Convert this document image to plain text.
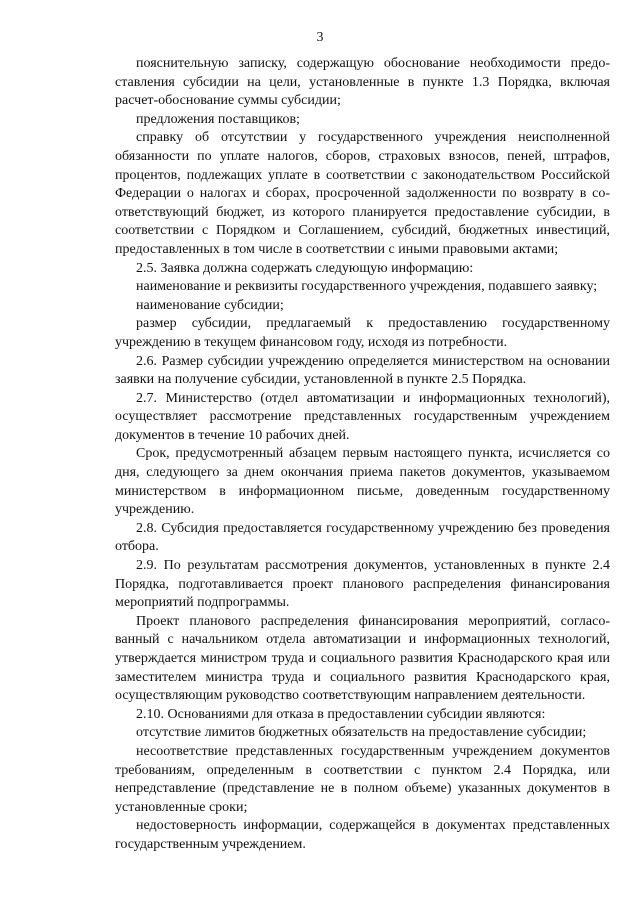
3

пояснительную записку, содержащую обоснование необходимости предоставления субсидии на цели, установленные в пункте 1.3 Порядка, включая расчет-обоснование суммы субсидии;

предложения поставщиков;

справку об отсутствии у государственного учреждения неисполненной обязанности по уплате налогов, сборов, страховых взносов, пеней, штрафов, процентов, подлежащих уплате в соответствии с законодательством Российской Федерации о налогах и сборах, просроченной задолженности по возврату в соответствующий бюджет, из которого планируется предоставление субсидии, в соответствии с Порядком и Соглашением, субсидий, бюджетных инвестиций, предоставленных в том числе в соответствии с иными правовыми актами;

2.5. Заявка должна содержать следующую информацию:

наименование и реквизиты государственного учреждения, подавшего заявку;

наименование субсидии;

размер субсидии, предлагаемый к предоставлению государственному учреждению в текущем финансовом году, исходя из потребности.

2.6. Размер субсидии учреждению определяется министерством на основании заявки на получение субсидии, установленной в пункте 2.5 Порядка.

2.7. Министерство (отдел автоматизации и информационных технологий), осуществляет рассмотрение представленных государственным учреждением документов в течение 10 рабочих дней.

Срок, предусмотренный абзацем первым настоящего пункта, исчисляется со дня, следующего за днем окончания приема пакетов документов, указываемом министерством в информационном письме, доведенным государственному учреждению.

2.8. Субсидия предоставляется государственному учреждению без проведения отбора.

2.9. По результатам рассмотрения документов, установленных в пункте 2.4 Порядка, подготавливается проект планового распределения финансирования мероприятий подпрограммы.

Проект планового распределения финансирования мероприятий, согласованный с начальником отдела автоматизации и информационных технологий, утверждается министром труда и социального развития Краснодарского края или заместителем министра труда и социального развития Краснодарского края, осуществляющим руководство соответствующим направлением деятельности.

2.10. Основаниями для отказа в предоставлении субсидии являются:

отсутствие лимитов бюджетных обязательств на предоставление субсидии;

несоответствие представленных государственным учреждением документов требованиям, определенным в соответствии с пунктом 2.4 Порядка, или непредставление (представление не в полном объеме) указанных документов в установленные сроки;

недостоверность информации, содержащейся в документах представленных государственным учреждением.
